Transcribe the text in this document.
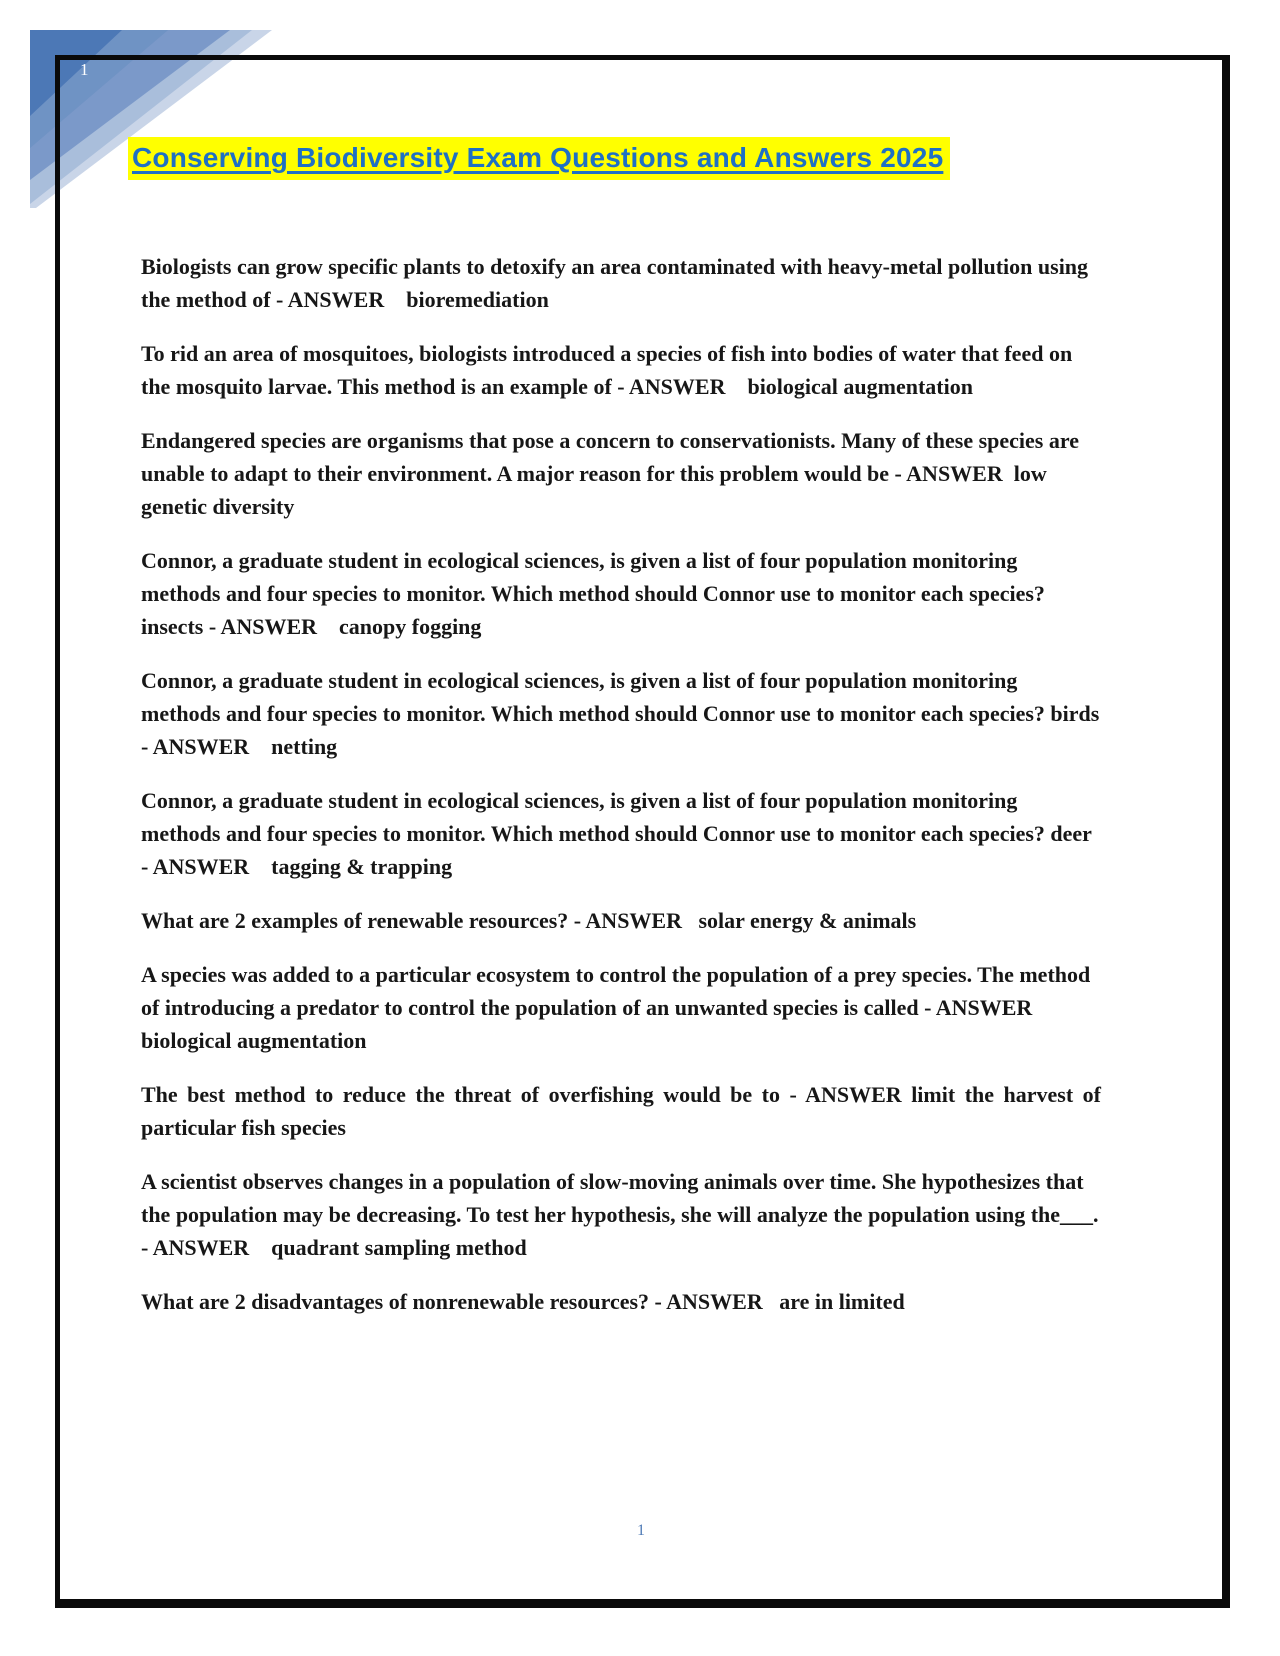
1
Conserving Biodiversity Exam Questions and Answers 2025

Biologists can grow specific plants to detoxify an area contaminated with heavy-metal pollution using the method of - ANSWER    bioremediation

To rid an area of mosquitoes, biologists introduced a species of fish into bodies of water that feed on the mosquito larvae. This method is an example of - ANSWER    biological augmentation

Endangered species are organisms that pose a concern to conservationists. Many of these species are unable to adapt to their environment. A major reason for this problem would be - ANSWER  low genetic diversity

Connor, a graduate student in ecological sciences, is given a list of four population monitoring methods and four species to monitor. Which method should Connor use to monitor each species? insects - ANSWER    canopy fogging

Connor, a graduate student in ecological sciences, is given a list of four population monitoring methods and four species to monitor. Which method should Connor use to monitor each species? birds - ANSWER    netting

Connor, a graduate student in ecological sciences, is given a list of four population monitoring methods and four species to monitor. Which method should Connor use to monitor each species? deer - ANSWER    tagging & trapping

What are 2 examples of renewable resources? - ANSWER   solar energy & animals

A species was added to a particular ecosystem to control the population of a prey species. The method of introducing a predator to control the population of an unwanted species is called - ANSWER    biological augmentation

The best method to reduce the threat of overfishing would be to - ANSWER limit the harvest of particular fish species

A scientist observes changes in a population of slow-moving animals over time. She hypothesizes that the population may be decreasing. To test her hypothesis, she will analyze the population using the___. - ANSWER    quadrant sampling method

What are 2 disadvantages of nonrenewable resources? - ANSWER   are in limited

1
